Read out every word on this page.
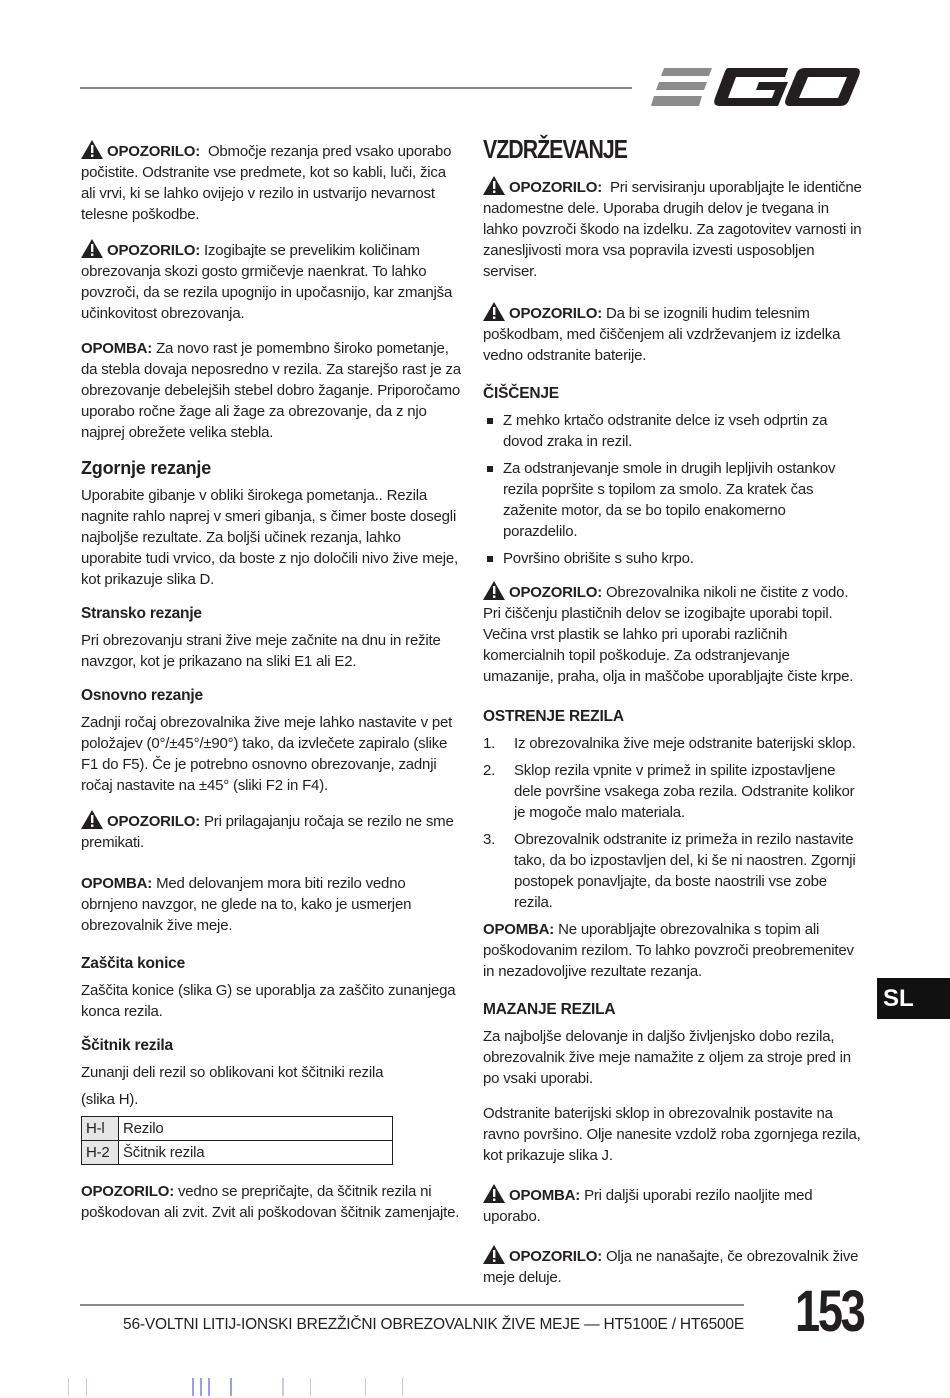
OPOZORILO: Območje rezanja pred vsako uporabo počistite. Odstranite vse predmete, kot so kabli, luči, žica ali vrvi, ki se lahko ovijejo v rezilo in ustvarijo nevarnost telesne poškodbe.

OPOZORILO: Izogibajte se prevelikim količinam obrezovanja skozi gosto grmičevje naenkrat. To lahko povzroči, da se rezila upognijo in upočasnijo, kar zmanjša učinkovitost obrezovanja.

OPOMBA: Za novo rast je pomembno široko pometanje, da stebla dovaja neposredno v rezila. Za starejšo rast je za obrezovanje debelejših stebel dobro žaganje. Priporočamo uporabo ročne žage ali žage za obrezovanje, da z njo najprej obrežete velika stebla.

Zgornje rezanje

Uporabite gibanje v obliki širokega pometanja.. Rezila nagnite rahlo naprej v smeri gibanja, s čimer boste dosegli najboljše rezultate. Za boljši učinek rezanja, lahko uporabite tudi vrvico, da boste z njo določili nivo žive meje, kot prikazuje slika D.

Stransko rezanje

Pri obrezovanju strani žive meje začnite na dnu in režite navzgor, kot je prikazano na sliki E1 ali E2.

Osnovno rezanje

Zadnji ročaj obrezovalnika žive meje lahko nastavite v pet položajev (0°/±45°/±90°) tako, da izvlečete zapiralo (slike F1 do F5). Če je potrebno osnovno obrezovanje, zadnji ročaj nastavite na ±45° (sliki F2 in F4).

OPOZORILO: Pri prilagajanju ročaja se rezilo ne sme premikati.

OPOMBA: Med delovanjem mora biti rezilo vedno obrnjeno navzgor, ne glede na to, kako je usmerjen obrezovalnik žive meje.

Zaščita konice

Zaščita konice (slika G) se uporablja za zaščito zunanjega konca rezila.

Ščitnik rezila

Zunanji deli rezil so oblikovani kot ščitniki rezila

(slika H).

H-l	Rezilo
H-2	Ščitnik rezila

OPOZORILO: vedno se prepričajte, da ščitnik rezila ni poškodovan ali zvit. Zvit ali poškodovan ščitnik zamenjajte.

VZDRŽEVANJE

OPOZORILO: Pri servisiranju uporabljajte le identične nadomestne dele. Uporaba drugih delov je tvegana in lahko povzroči škodo na izdelku. Za zagotovitev varnosti in zanesljivosti mora vsa popravila izvesti usposobljen serviser.

OPOZORILO: Da bi se izognili hudim telesnim poškodbam, med čiščenjem ali vzdrževanjem iz izdelka vedno odstranite baterije.

ČIŠČENJE
Z mehko krtačo odstranite delce iz vseh odprtin za dovod zraka in rezil.
Za odstranjevanje smole in drugih lepljivih ostankov rezila popršite s topilom za smolo. Za kratek čas zaženite motor, da se bo topilo enakomerno porazdelilo.
Površino obrišite s suho krpo.

OPOZORILO: Obrezovalnika nikoli ne čistite z vodo. Pri čiščenju plastičnih delov se izogibajte uporabi topil. Večina vrst plastik se lahko pri uporabi različnih komercialnih topil poškoduje. Za odstranjevanje umazanije, praha, olja in maščobe uporabljajte čiste krpe.

OSTRENJE REZILA
1. Iz obrezovalnika žive meje odstranite baterijski sklop.
2. Sklop rezila vpnite v primež in spilite izpostavljene dele površine vsakega zoba rezila. Odstranite kolikor je mogoče malo materiala.
3. Obrezovalnik odstranite iz primeža in rezilo nastavite tako, da bo izpostavljen del, ki še ni naostren. Zgornji postopek ponavljajte, da boste naostrili vse zobe rezila.

OPOMBA: Ne uporabljajte obrezovalnika s topim ali poškodovanim rezilom. To lahko povzroči preobremenitev in nezadovoljive rezultate rezanja.

MAZANJE REZILA

Za najboljše delovanje in daljšo življenjsko dobo rezila, obrezovalnik žive meje namažite z oljem za stroje pred in po vsaki uporabi.

Odstranite baterijski sklop in obrezovalnik postavite na ravno površino. Olje nanesite vzdolž roba zgornjega rezila, kot prikazuje slika J.

OPOMBA: Pri daljši uporabi rezilo naoljite med uporabo.

OPOZORILO: Olja ne nanašajte, če obrezovalnik žive meje deluje.

SL
56-VOLTNI LITIJ-IONSKI BREZŽIČNI OBREZOVALNIK ŽIVE MEJE — HT5100E / HT6500E 153
